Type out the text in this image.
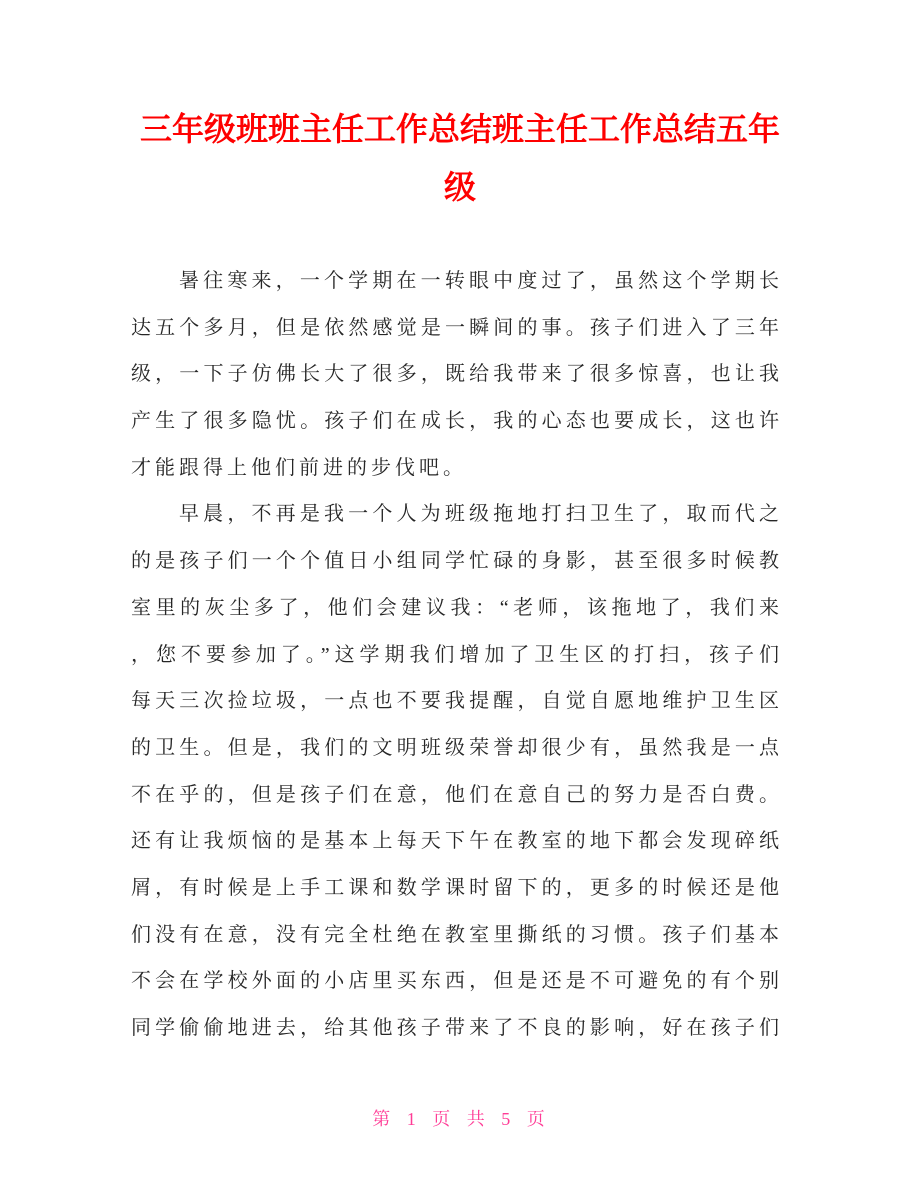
三年级班班主任工作总结班主任工作总结五年
级
暑往寒来，一个学期在一转眼中度过了，虽然这个学期长
达五个多月，但是依然感觉是一瞬间的事。孩子们进入了三年
级，一下子仿佛长大了很多，既给我带来了很多惊喜，也让我
产生了很多隐忧。孩子们在成长，我的心态也要成长，这也许
才能跟得上他们前进的步伐吧。
早晨，不再是我一个人为班级拖地打扫卫生了，取而代之
的是孩子们一个个值日小组同学忙碌的身影，甚至很多时候教
室里的灰尘多了，他们会建议我：“老师，该拖地了，我们来
，您不要参加了。”这学期我们增加了卫生区的打扫，孩子们
每天三次捡垃圾，一点也不要我提醒，自觉自愿地维护卫生区
的卫生。但是，我们的文明班级荣誉却很少有，虽然我是一点
不在乎的，但是孩子们在意，他们在意自己的努力是否白费。
还有让我烦恼的是基本上每天下午在教室的地下都会发现碎纸
屑，有时候是上手工课和数学课时留下的，更多的时候还是他
们没有在意，没有完全杜绝在教室里撕纸的习惯。孩子们基本
不会在学校外面的小店里买东西，但是还是不可避免的有个别
同学偷偷地进去，给其他孩子带来了不良的影响，好在孩子们
第 1 页 共 5 页
